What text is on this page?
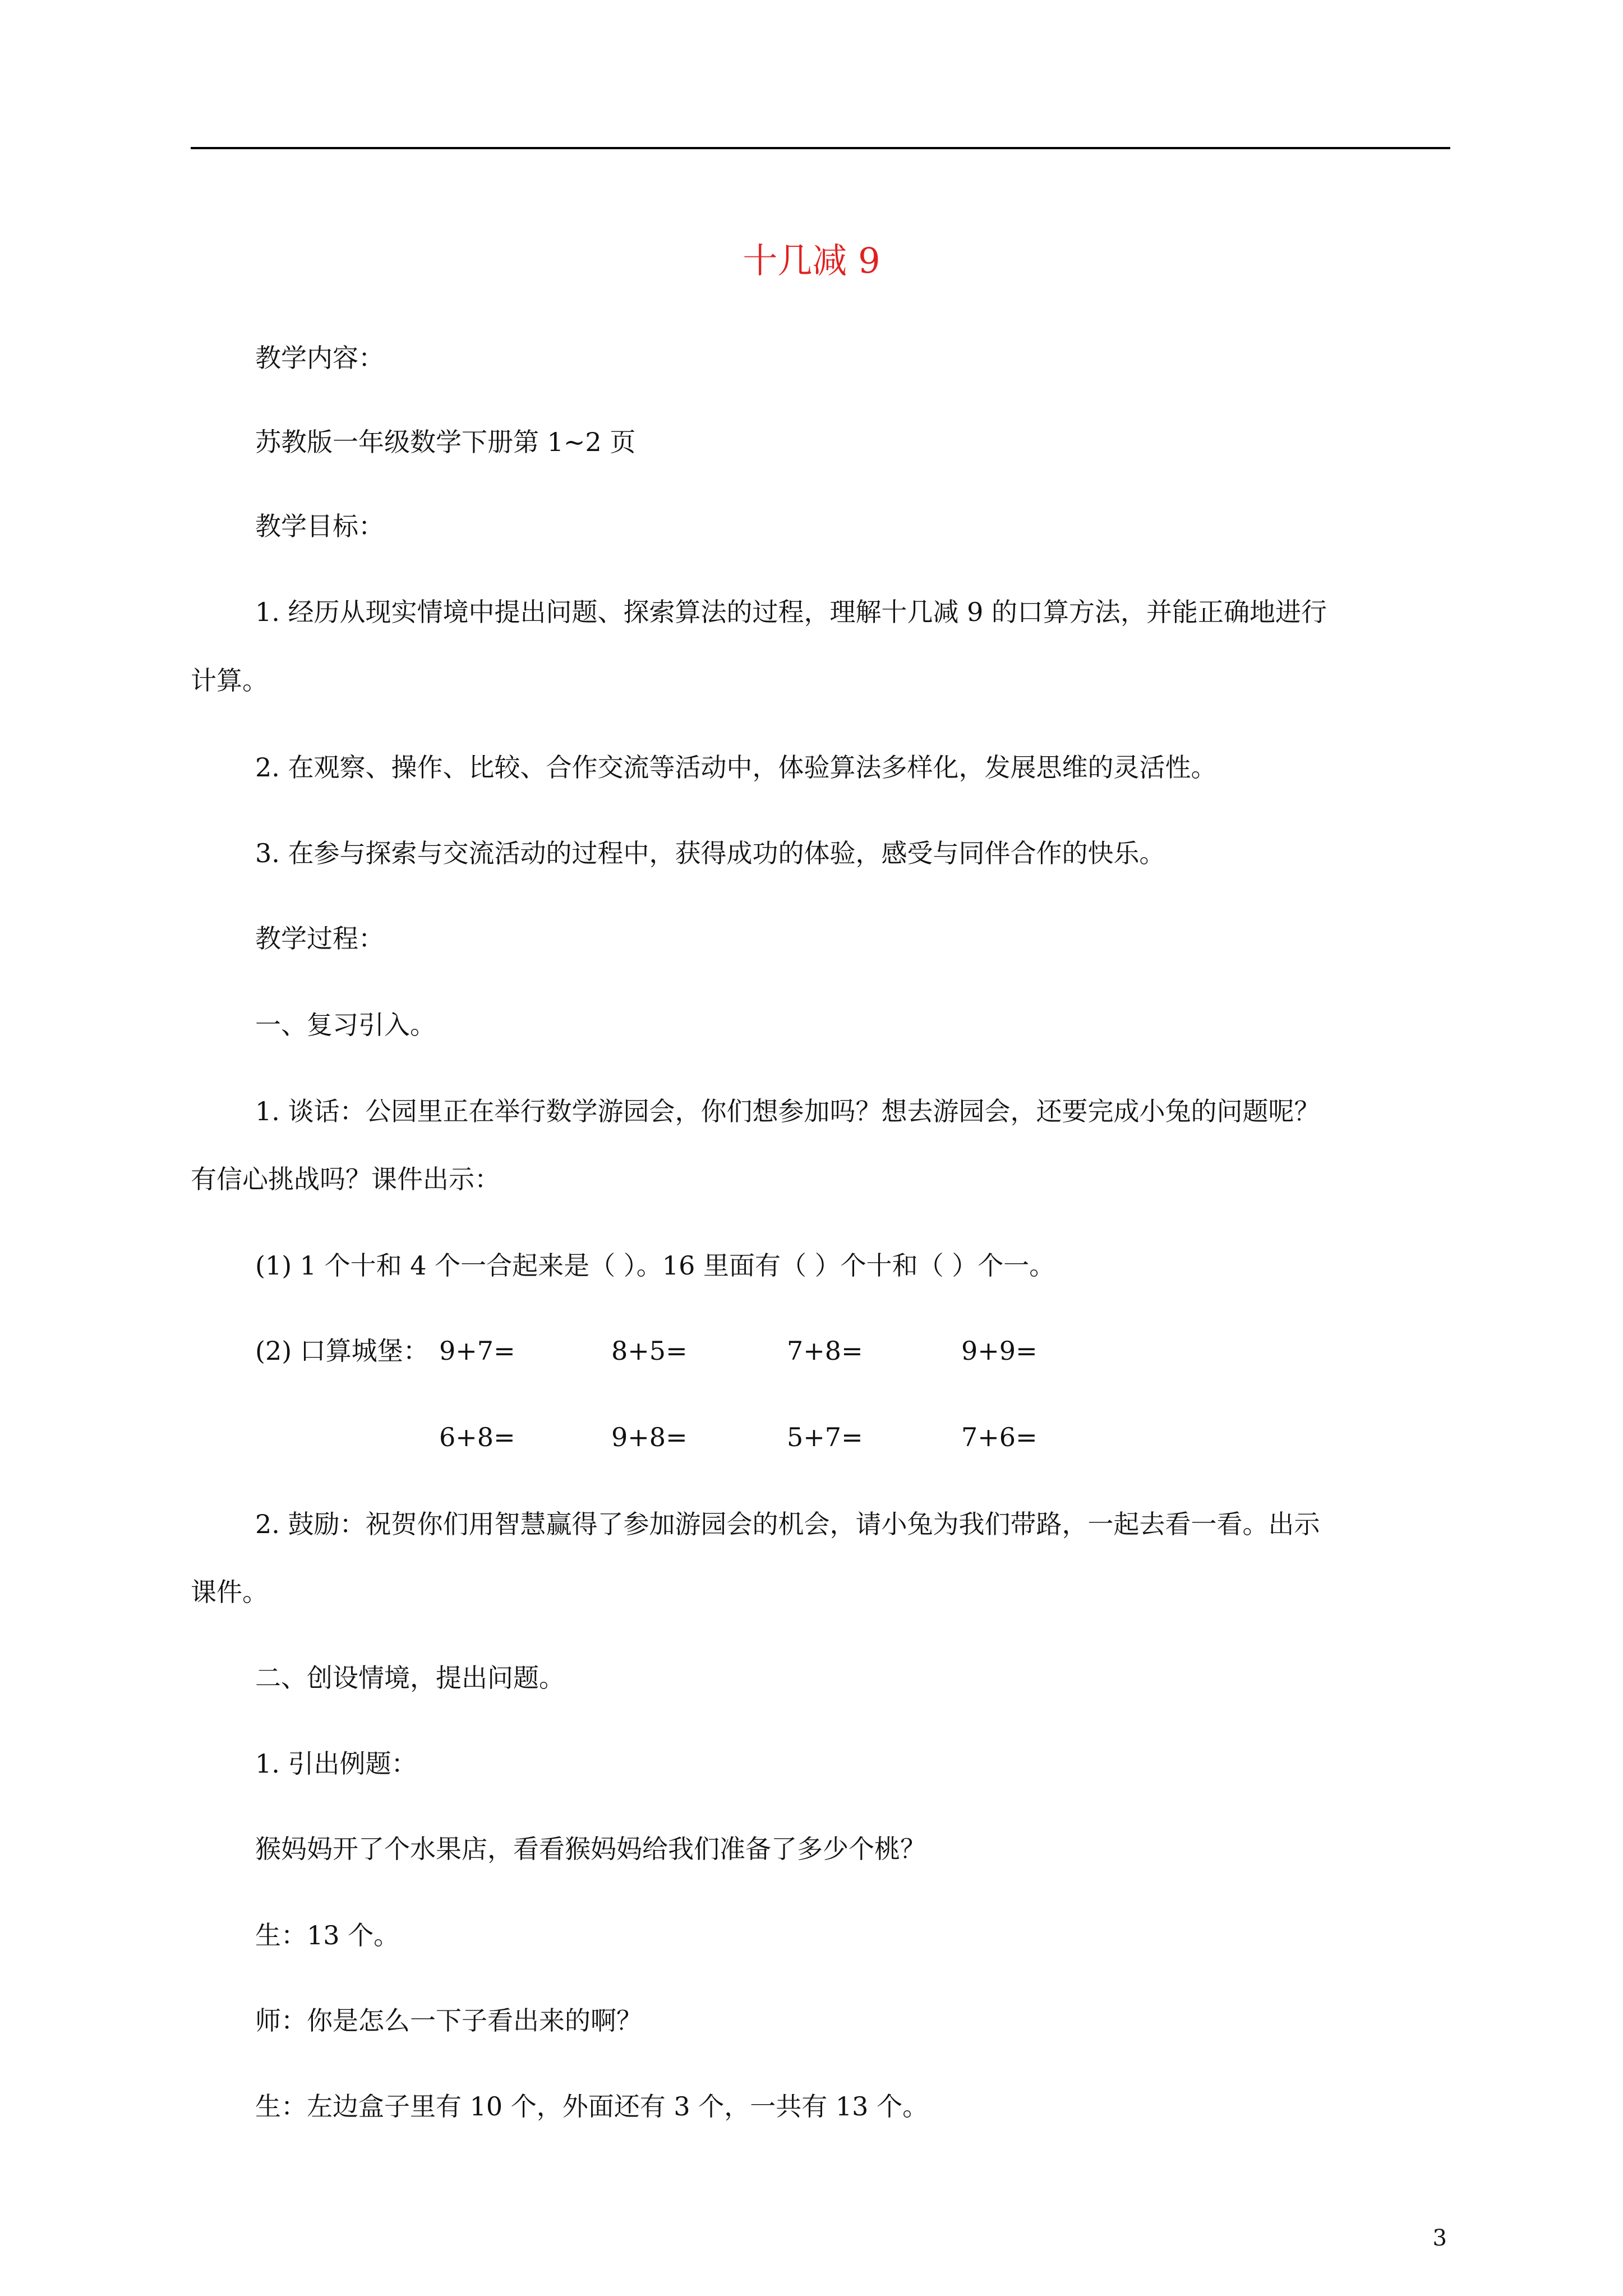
十几减 9

教学内容：

苏教版一年级数学下册第 1~2 页

教学目标：

1. 经历从现实情境中提出问题、探索算法的过程，理解十几减 9 的口算方法，并能正确地进行

计算。

2. 在观察、操作、比较、合作交流等活动中，体验算法多样化，发展思维的灵活性。

3. 在参与探索与交流活动的过程中，获得成功的体验，感受与同伴合作的快乐。

教学过程：

一、复习引入。

1. 谈话：公园里正在举行数学游园会，你们想参加吗？想去游园会，还要完成小兔的问题呢？

有信心挑战吗？课件出示：

(1) 1 个十和 4 个一合起来是（ ）。16 里面有（ ）个十和（ ）个一。

(2) 口算城堡： 9+7=	8+5=	7+8=	9+9=

6+8=	9+8=	5+7=	7+6=

2. 鼓励：祝贺你们用智慧赢得了参加游园会的机会，请小兔为我们带路，一起去看一看。出示

课件。

二、创设情境，提出问题。

1. 引出例题：

猴妈妈开了个水果店，看看猴妈妈给我们准备了多少个桃？

生：13 个。

师：你是怎么一下子看出来的啊？

生：左边盒子里有 10 个，外面还有 3 个，一共有 13 个。

3
